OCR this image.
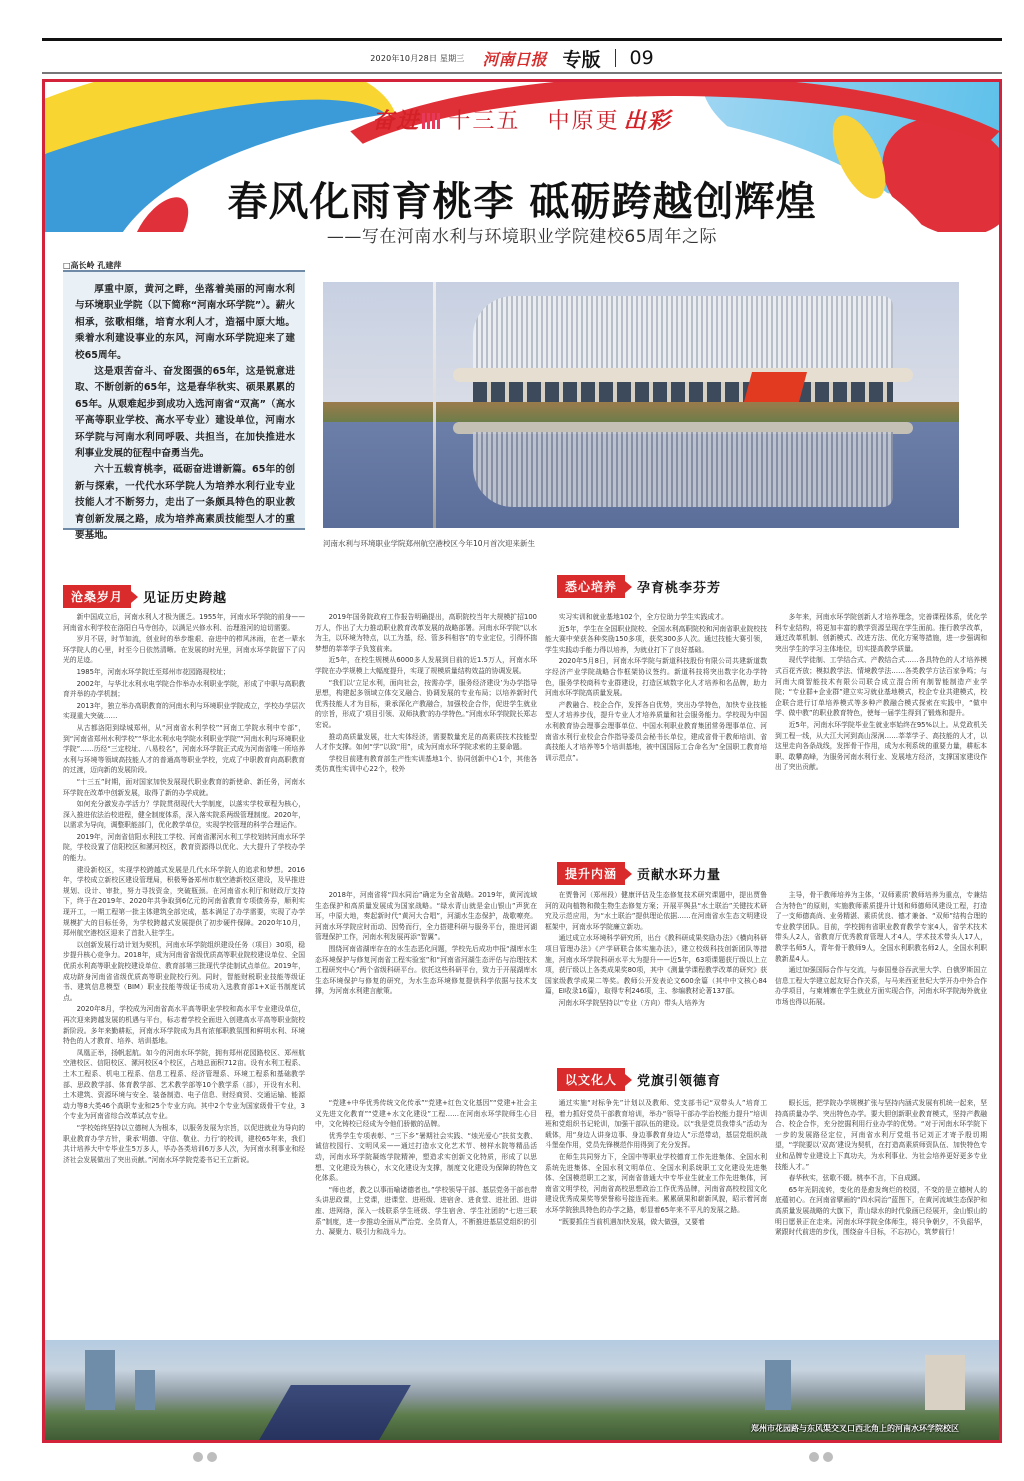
2020年10月28日 星期三 河南日报 专版 09
奋进 十三五 中原更 出彩
春风化雨育桃李 砥砺跨越创辉煌
——写在河南水利与环境职业学院建校65周年之际
□高长岭 孔建萍

厚重中原，黄河之畔，坐落着美丽的河南水利与环境职业学院（以下简称“河南水环学院”）。薪火相承，弦歌相继，培育水利人才，造福中原大地。乘着水利建设事业的东风，河南水环学院迎来了建校65周年。

这是艰苦奋斗、奋发图强的65年，这是锐意进取、不断创新的65年，这是春华秋实、硕果累累的65年。从艰难起步到成功入选河南省“双高”（高水平高等职业学校、高水平专业）建设单位，河南水环学院与河南水利同呼吸、共担当，在加快推进水利事业发展的征程中奋勇当先。

六十五载育桃李，砥砺奋进谱新篇。65年的创新与探索，一代代水环学院人为培养水利行业专业技能人才不断努力，走出了一条颇具特色的职业教育创新发展之路，成为培养高素质技能型人才的重要基地。

河南水利与环境职业学院郑州航空港校区今年10月首次迎来新生
沧桑岁月	见证历史跨越

新中国成立后，河南水利人才极为匮乏。1955年，河南水环学院的前身——河南省水利学校在洛阳白马寺创办，以满足兴修水利、治理淮河的迫切需要。

岁月不居，时节如流，创业时的举步维艰、奋进中的栉风沐雨，在老一辈水环学院人的心里，时至今日依然清晰。在发展的时光里，河南水环学院留下了闪光的足迹。

1985年，河南水环学院迁至郑州市花园路现校址；

2002年，与华北水利水电学院合作举办水利职业学院，形成了中职与高职教育并举的办学机制；

2013年，独立举办高职教育的河南水利与环境职业学院成立，学校办学层次实现重大突破……

从古都洛阳到绿城郑州，从“河南省水利学校”“河南工学院水利中专部”，到“河南省郑州水利学校”“华北水利水电学院水利职业学院”“河南水利与环境职业学院”……历经“三定校址、八易校名”，河南水环学院正式成为河南省唯一所培养水利与环境等领域高技能人才的普通高等职业学校，完成了中职教育向高职教育的过渡，迈向新的发展阶段。

“十三五”时期，面对国家加快发展现代职业教育的新使命、新任务，河南水环学院在改革中创新发展，取得了新的办学成就。

如何充分激发办学活力？学院贯彻现代大学制度，以落实学校章程为核心，深入推进依法治校进程，健全制度体系，深入落实院系两级管理制度。2020年，以需求为导向，调整职能部门，优化教学单位，实现学校管理的科学合理运作。

2019年，河南省信阳水利技工学校、河南省漯河水利工学校划转河南水环学院，学校设置了信阳校区和漯河校区，教育资源得以优化、大大提升了学校办学的能力。

建设新校区，实现学校跨越式发展是几代水环学院人的追求和梦想。2016年，学校成立新校区建设管理局，积极筹备郑州市航空港新校区建设，及早推进规划、设计、审批，努力寻找资金，突破瓶颈。在河南省水利厅和财政厅支持下，终于在2019年、2020年共争取到6亿元的河南省教育专项债务券，顺利实现开工，一期工程第一批主体建筑全部完成，基本满足了办学需要，实现了办学规模扩大的目标任务，为学校跨越式发展提供了初步硬件保障。2020年10月，郑州航空港校区迎来了首批入驻学生。

以创新发展行动计划为契机，河南水环学院组织建设任务（项目）30项，稳步提升核心竞争力。2018年，成为河南省省级优质高等职业院校建设单位、全国优质水利高等职业院校建设单位、教育部第三批现代学徒制试点单位。2019年，成功跻身河南省省级优质高等职业院校行列。同时，智能财税职业技能等级证书、建筑信息模型（BIM）职业技能等级证书成功入选教育部1+X证书制度试点。

2020年8月，学校成为河南省高水平高等职业学校和高水平专业建设单位，再次迎来跨越发展的机遇与平台，标志着学校全面进入创建高水平高等职业院校新阶段。多年来勤耕耘，河南水环学院成为具有浓郁职教氛围和鲜明水利、环境特色的人才教育、培养、培训基地。

凤凰正举，扬帆起航。如今的河南水环学院，拥有郑州花园路校区、郑州航空港校区、信阳校区、漯河校区4个校区，占地总面积712亩。设有水利工程系、土木工程系、机电工程系、信息工程系、经济管理系、环境工程系和基础教学部、思政教学部、体育教学部、艺术教学部等10个教学系（部），开设有水利、土木建筑、资源环境与安全、装备制造、电子信息、财经商贸、交通运输、能源动力等8大类46个高职专业和25个专业方向。其中2个专业为国家级骨干专业，3个专业为河南省综合改革试点专业。

“学校始终坚持以立德树人为根本，以服务发展为宗旨，以促进就业为导向的职业教育办学方针，秉承‘明德、守信、敬业、力行’的校训，建校65年来，我们共计培养大中专毕业生5万多人，毕办各类培训6万多人次，为河南水利事业和经济社会发展做出了突出贡献。”河南水环学院党委书记王立新说。

2019年国务院政府工作报告明确提出，高职院校当年大规模扩招100万人，作出了大力推动职业教育改革发展的战略部署。河南水环学院“以水为主，以环境为特点，以工为基，经、管多科相容”的专业定位，引得怀揣梦想的莘莘学子负笈前来。

近5年，在校生规模从6000多人发展到目前的近1.5万人，河南水环学院在办学规模上大幅度提升，实现了规模质量结构效益的协调发展。

“我们以‘立足水利，面向社会，按需办学，服务经济建设’为办学指导思想，构建起多领域立体交叉融合、协调发展的专业布局；以培养新时代优秀技能人才为目标，秉承深化产教融合，加强校企合作，促进学生就业的宗旨，形成了‘项目引领、双师执教’的办学特色。”河南水环学院院长郑志宏说。

推动高质量发展，壮大实体经济，需要数量充足的高素质技术技能型人才作支撑。如何“学”以致“用”，成为河南水环学院求索的主要命题。

学校目前建有教育部生产性实训基地1个、协同创新中心1个，其他各类仿真性实训中心22个，校外

悉心培养	孕育桃李芬芳

实习实训和就业基地102个，全方位助力学生实践成才。

近5年，学生在全国职业院校、全国水利高职院校和河南省职业院校技能大赛中荣获各种奖励150多项，获奖300多人次。通过技能大赛引领，学生实践动手能力得以培养，为就业打下了良好基础。

2020年5月8日，河南水环学院与新道科技股份有限公司共建新道数字经济产业学院战略合作框架协议签约。新道科技将突出数字化办学特色，服务学校商科专业群建设，打造区域数字化人才培养和名品牌，助力河南水环学院高质量发展。

产教融合、校企合作，发挥各自优势，突出办学特色，加快专业技能型人才培养步伐，提升专业人才培养质量和社会服务能力。学校现为中国水利教育协会理事会理事单位、中国水利职业教育集团常务理事单位、河南省水利行业校企合作指导委员会秘书长单位，建成省骨干教师培训、省高技能人才培养等5个培训基地，被中国国际工合命名为“全国职工教育培训示范点”。

多年来，河南水环学院创新人才培养理念，完善课程体系，优化学科专业结构，将更加丰富的教学资源呈现在学生面前。推行教学改革，通过改革机制、创新模式、改进方法、优化方案等措施，进一步强调和突出学生的学习主体地位，切实提高教学质量。

现代学徒制、工学结合式、产教结合式……各具特色的人才培养模式百花齐放；模拟教学法、情境教学法……各类教学方法百家争鸣；与河南大商智能技术有限公司联合成立混合所有制智能制造产业学院；“专业群+企业群”建立实习就业基地模式，校企专业共建模式，校企联合进行订单培养模式等多种产教融合模式探索在实践中，“做中学、做中教”的职业教育特色，使每一届学生得到了锻炼和提升。

近5年，河南水环学院毕业生就业率始终在95%以上。从党政机关到工程一线，从大江大河到高山深涧……莘莘学子、高技能的人才，以这里走向各条战线，发挥骨干作用，成为水利系统的重要力量，耕耘本职、敢攀高峰，为服务河南水利行业、发展地方经济，支撑国家建设作出了突出贡献。

提升内涵	贡献水环力量

2018年，河南省将“四水同治”确定为全省战略。2019年，黄河流域生态保护和高质量发展成为国家战略。“绿水青山就是金山银山”声犹在耳，中原大地，奏起新时代“黄河大合唱”，河湖水生态保护，战歌嘹亮。河南水环学院应时而动、因势而行，全力搭建科研与服务平台，推进河湖管理保护工作，河南水利发展再添“智翼”。

围绕河南省湖库存在的水生态恶化问题，学校先后成功申报“湖库水生态环境保护与修复河南省工程实验室”和“河南省河湖生态评估与治理技术工程研究中心”两个省级科研平台。依托这些科研平台，致力于开展湖库水生态环境保护与修复的研究，为水生态环境修复提供科学依据与技术支撑，为河南水利建言献策。

在贾鲁河（郑州段）健康评估及生态修复技术研究课题中，提出贾鲁河的双向植物和微生物生态修复方案；开展平舆县“水土联治”关键技术研究及示范应用，为“水土联治”提供理论依据……在河南省水生态文明建设框架中，河南水环学院廉立新功。

通过成立水环境科学研究所，出台《教科研成果奖励办法》《横向科研项目管理办法》《产学研联合体实施办法》，建立校级科技创新团队等措施，河南水环学院科研水平大为提升——近5年，63项课题获厅级以上立项，获厅级以上各类成果奖80项，其中《测量学课程教学改革的研究》获国家级教学成果二等奖。教师公开发表论文600余篇（其中中文核心84篇，EI收录16篇），取得专利246项，主、参编教材论著137部。

河南水环学院坚持以“专业（方向）带头人培养为

主导，骨干教师培养为主体，‘双师素质’教师培养为重点，专兼结合为特色”的原则，实施教师素质提升计划和师德师风建设工程，打造了一支师德高尚、业务精湛、素质优良、德才兼备、“双师”结构合理的专业教学团队。目前，学校拥有省职业教育教学专家4人，省学术技术带头人2人，省教育厅优秀教育管理人才4人，学术技术带头人17人，教学名师5人，青年骨干教师9人，全国水利职教名师2人，全国水利职教新星4人。

通过加强国际合作与交流，与泰国曼谷吞武里大学、白俄罗斯国立信息工程大学建立起友好合作关系，与马来西亚世纪大学开办中外合作办学项目，与柬埔寨在学生就业方面实现合作，河南水环学院海外就业市场也得以拓展。

以文化人	党旗引领德育

“党建+中华优秀传统文化传承”“党建+红色文化基因”“党建+社会主义先进文化教育”“党建+水文化建设”工程……在河南水环学院师生心目中，文化铸校已经成为令他们骄傲的品牌。

优秀学生专项表彰、“三下乡”暑期社会实践、“烛光爱心”扶贫支教、诚信校园行、文明风采——通过打造水文化艺术节、榜样水院等精品活动，河南水环学院凝炼学院精神，塑造求实创新文化特质，形成了以思想、文化建设为核心，水文化建设为支撑，制度文化建设为保障的特色文化体系。

“师也者，教之以事而喻诸德者也。”学校领导干部、基层党务干部也带头讲思政课，上党课，进课堂、进班级、进宿舍、进食堂、进社团、进讲座、进网络，深入一线联系学生班级、学生宿舍、学生社团的“七进三联系”制度，进一步推动全面从严治党、全员育人，不断推进基层党组织的引力、凝聚力、吸引力和战斗力。

通过实施“对标争先”计划以及教师、党支部书记“双带头人”培育工程，着力抓好党员干部教育培训，举办“领导干部办学治校能力提升”培训班和党组织书记轮训，加强干部队伍的建设。以“我是党员我带头”活动为载体，用“身边人讲身边事、身边事教育身边人”示范带动，基层党组织战斗堡垒作用，党员先锋模范作用得到了充分发挥。

在师生共同努力下，全国中等职业学校德育工作先进集体、全国水利系统先进集体、全国水利文明单位、全国水利系统职工文化建设先进集体、全国模范职工之家，河南省普通大中专毕业生就业工作先进集体，河南省文明学校，河南省高校思想政治工作优秀品牌，河南省高校校园文化建设优秀成果奖等荣誉称号接连而来。累累硕果和崭新风貌，昭示着河南水环学院独具特色的办学之路，彰显着65年来不平凡的发展之路。

“既要抓住当前机遇加快发展，做大做强，又要着

眼长远，把学院办学规模扩张与坚持内涵式发展有机统一起来，坚持高质量办学、突出特色办学。要大胆创新职业教育模式，坚持产教融合、校企合作，充分挖掘利用行业办学的优势。“对于河南水环学院下一步的发展路径定位，河南省水利厅党组书记刘正才寄予殷切期望，“学院要以‘双高’建设为契机，在打造高素质师资队伍、加快特色专业和品牌专业建设上下真功夫，为水利事业、为社会培养更好更多专业技能人才。”

春华秋实，弦歌不辍。桃李不言，下自成蹊。

65年光阴流转，变化的是愈发绚烂的校园，不变的是立德树人的底蕴初心。在河南省擘画的“四水同治”蓝图下，在黄河流域生态保护和高质量发展战略的大旗下，青山绿水的时代象画已经展开，金山银山的明日愿景正在走来。河南水环学院全体师生，将只争朝夕，不负韶华，紧跟时代前进的步伐，围绕奋斗目标，不忘初心，筑梦前行！

郑州市花园路与东风渠交叉口西北角上的河南水环学院校区
